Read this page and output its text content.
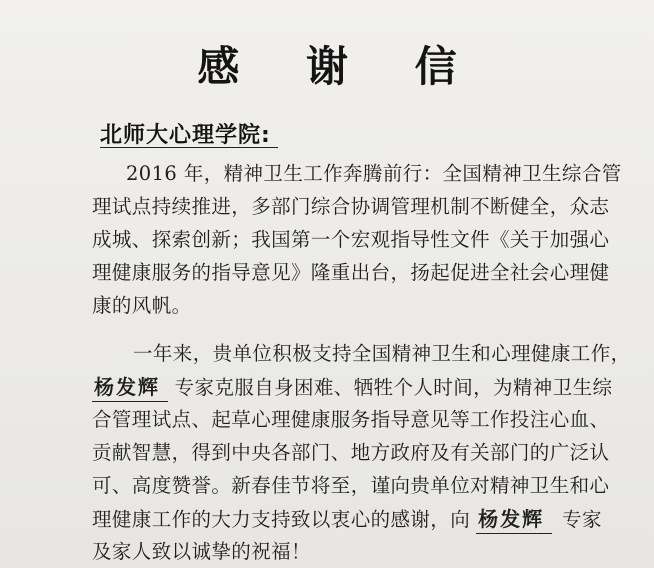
感 谢 信
北师大心理学院:
2016 年，精神卫生工作奔腾前行：全国精神卫生综合管
理试点持续推进，多部门综合协调管理机制不断健全，众志
成城、探索创新；我国第一个宏观指导性文件《关于加强心
理健康服务的指导意见》隆重出台，扬起促进全社会心理健
康的风帆。
一年来，贵单位积极支持全国精神卫生和心理健康工作，
杨发辉 专家克服自身困难、牺牲个人时间，为精神卫生综
合管理试点、起草心理健康服务指导意见等工作投注心血、
贡献智慧，得到中央各部门、地方政府及有关部门的广泛认
可、高度赞誉。新春佳节将至，谨向贵单位对精神卫生和心
理健康工作的大力支持致以衷心的感谢，向 杨发辉 专家
及家人致以诚挚的祝福！
